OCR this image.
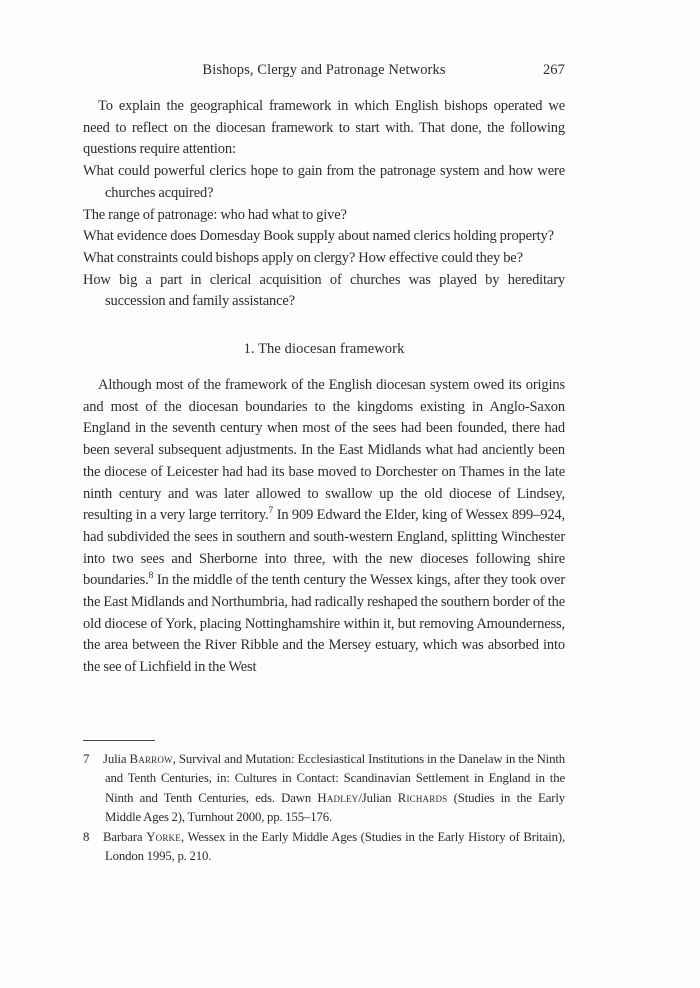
Bishops, Clergy and Patronage Networks	267

To explain the geographical framework in which English bishops operated we need to reflect on the diocesan framework to start with. That done, the following questions require attention:

What could powerful clerics hope to gain from the patronage system and how were churches acquired?

The range of patronage: who had what to give?

What evidence does Domesday Book supply about named clerics holding property?

What constraints could bishops apply on clergy? How effective could they be?

How big a part in clerical acquisition of churches was played by hereditary succession and family assistance?

1. The diocesan framework

Although most of the framework of the English diocesan system owed its origins and most of the diocesan boundaries to the kingdoms existing in Anglo-Saxon England in the seventh century when most of the sees had been founded, there had been several subsequent adjustments. In the East Midlands what had anciently been the diocese of Leicester had had its base moved to Dorchester on Thames in the late ninth century and was later allowed to swallow up the old diocese of Lindsey, resulting in a very large territory.$^7$ In 909 Edward the Elder, king of Wessex 899–924, had subdivided the sees in southern and south-western England, splitting Winchester into two sees and Sherborne into three, with the new dioceses following shire boundaries.$^8$ In the middle of the tenth century the Wessex kings, after they took over the East Midlands and Northumbria, had radically reshaped the southern border of the old diocese of York, placing Nottinghamshire within it, but removing Amounderness, the area between the River Ribble and the Mersey estuary, which was absorbed into the see of Lichfield in the West

7 Julia Barrow, Survival and Mutation: Ecclesiastical Institutions in the Danelaw in the Ninth and Tenth Centuries, in: Cultures in Contact: Scandinavian Settlement in England in the Ninth and Tenth Centuries, eds. Dawn Hadley/Julian Richards (Studies in the Early Middle Ages 2), Turnhout 2000, pp. 155–176.

8 Barbara Yorke, Wessex in the Early Middle Ages (Studies in the Early History of Britain), London 1995, p. 210.
